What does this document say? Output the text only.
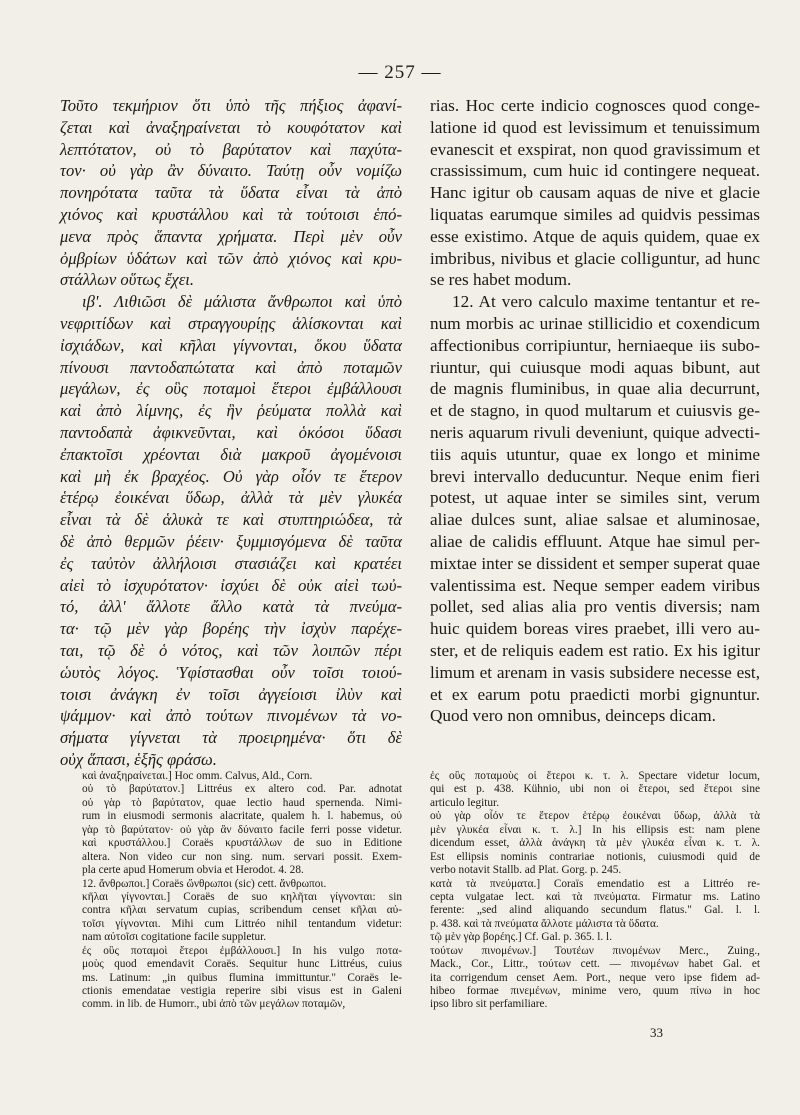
— 257 —
Τοῦτο τεκμήριον ὅτι ὑπὸ τῆς πήξιος ἀφανί-
ζεται καὶ ἀναξηραίνεται τὸ κουφότατον καὶ
λεπτότατον, οὐ τὸ βαρύτατον καὶ παχύτα-
τον· οὐ γὰρ ἂν δύναιτο. Ταύτῃ οὖν νομίζω
πονηρότατα ταῦτα τὰ ὕδατα εἶναι τὰ ἀπὸ
χιόνος καὶ κρυστάλλου καὶ τὰ τούτοισι ἑπό-
μενα πρὸς ἅπαντα χρήματα. Περὶ μὲν οὖν
ὀμβρίων ὑδάτων καὶ τῶν ἀπὸ χιόνος καὶ κρυ-
στάλλων οὕτως ἔχει.
ιβ'. Λιθιῶσι δὲ μάλιστα ἄνθρωποι καὶ ὑπὸ
νεφριτίδων καὶ στραγγουρίῃς ἁλίσκονται καὶ
ἰσχιάδων, καὶ κῆλαι γίγνονται, ὅκου ὕδατα
πίνουσι παντοδαπώτατα καὶ ἀπὸ ποταμῶν
μεγάλων, ἐς οὓς ποταμοὶ ἕτεροι ἐμβάλλουσι
καὶ ἀπὸ λίμνης, ἐς ἣν ῥεύματα πολλὰ καὶ
παντοδαπὰ ἀφικνεῦνται, καὶ ὁκόσοι ὕδασι
ἐπακτοῖσι χρέονται διὰ μακροῦ ἀγομένοισι
καὶ μὴ ἐκ βραχέος. Οὐ γὰρ οἷόν τε ἕτερον
ἑτέρῳ ἐοικέναι ὕδωρ, ἀλλὰ τὰ μὲν γλυκέα
εἶναι τὰ δὲ ἁλυκὰ τε καὶ στυπτηριώδεα, τὰ
δὲ ἀπὸ θερμῶν ῥέειν· ξυμμισγόμενα δὲ ταῦτα
ἐς ταὐτὸν ἀλλήλοισι στασιάζει καὶ κρατέει
αἰεὶ τὸ ἰσχυρότατον· ἰσχύει δὲ οὐκ αἰεὶ τωὐ-
τό, ἀλλ' ἄλλοτε ἄλλο κατὰ τὰ πνεύμα-
τα· τῷ μὲν γὰρ βορέης τὴν ἰσχὺν παρέχε-
ται, τῷ δὲ ὁ νότος, καὶ τῶν λοιπῶν πέρι
ὡυτὸς λόγος. Ὑφίστασθαι οὖν τοῖσι τοιού-
τοισι ἀνάγκη ἐν τοῖσι ἀγγείοισι ἰλὺν καὶ
ψάμμον· καὶ ἀπὸ τούτων πινομένων τὰ νο-
σήματα γίγνεται τὰ προειρημένα· ὅτι δὲ
οὐχ ἅπασι, ἑξῆς φράσω.
rias. Hoc certe indicio cognosces quod conge-
latione id quod est levissimum et tenuissimum
evanescit et exspirat, non quod gravissimum et
crassissimum, cum huic id contingere nequeat.
Hanc igitur ob causam aquas de nive et glacie
liquatas earumque similes ad quidvis pessimas
esse existimo. Atque de aquis quidem, quae ex
imbribus, nivibus et glacie colliguntur, ad hunc
se res habet modum.
12. At vero calculo maxime tentantur et re-
num morbis ac urinae stillicidio et coxendicum
affectionibus corripiuntur, herniaeque iis subo-
riuntur, qui cuiusque modi aquas bibunt, aut
de magnis fluminibus, in quae alia decurrunt,
et de stagno, in quod multarum et cuiusvis ge-
neris aquarum rivuli deveniunt, quique advecti-
tiis aquis utuntur, quae ex longo et minime
brevi intervallo deducuntur. Neque enim fieri
potest, ut aquae inter se similes sint, verum
aliae dulces sunt, aliae salsae et aluminosae,
aliae de calidis effluunt. Atque hae simul per-
mixtae inter se dissident et semper superat quae
valentissima est. Neque semper eadem viribus
pollet, sed alias alia pro ventis diversis; nam
huic quidem boreas vires praebet, illi vero au-
ster, et de reliquis eadem est ratio. Ex his igitur
limum et arenam in vasis subsidere necesse est,
et ex earum potu praedicti morbi gignuntur.
Quod vero non omnibus, deinceps dicam.
καὶ ἀναξηραίνεται.] Hoc omm. Calvus, Ald., Corn.
οὐ τὸ βαρύτατον.] Littréus ex altero cod. Par. adnotat
οὐ γὰρ τὸ βαρύτατον, quae lectio haud spernenda. Nimi-
rum in eiusmodi sermonis alacritate, qualem h. l. habemus, οὐ
γὰρ τὸ βαρύτατον· οὐ γὰρ ἂν δύναιτο facile ferri posse videtur.
καὶ κρυστάλλου.] Coraës κρυστάλλων de suo in Editione
altera. Non video cur non sing. num. servari possit. Exem-
pla certe apud Homerum obvia et Herodot. 4. 28.
12. ἄνθρωποι.] Coraës ὤνθρωποι (sic) cett. ἄνθρωποι.
κῆλαι γίγνονται.] Coraës de suo κηλῆται γίγνονται: sin
contra κῆλαι servatum cupias, scribendum censet κῆλαι αὐ-
τοῖσι γίγνονται. Mihi cum Littréo nihil tentandum videtur:
nam αὐτοῖσι cogitatione facile suppletur.
ἐς οὓς ποταμοὶ ἕτεροι ἐμβάλλουσι.] In his vulgo ποτα-
μοὺς quod emendavit Coraës. Sequitur hunc Littréus, cuius
ms. Latinum: „in quibus flumina immittuntur." Coraës le-
ctionis emendatae vestigia reperire sibi visus est in Galeni
comm. in lib. de Humorr., ubi ἀπὸ τῶν μεγάλων ποταμῶν,
ἐς οὓς ποταμοὺς οἱ ἕτεροι κ. τ. λ. Spectare videtur locum,
qui est p. 438. Kühnio, ubi non οἱ ἕτεροι, sed ἕτεροι sine
articulo legitur.
οὐ γὰρ οἷόν τε ἕτερον ἑτέρῳ ἐοικέναι ὕδωρ, ἀλλὰ τὰ
μὲν γλυκέα εἶναι κ. τ. λ.] In his ellipsis est: nam plene
dicendum esset, ἀλλὰ ἀνάγκη τὰ μὲν γλυκέα εἶναι κ. τ. λ.
Est ellipsis nominis contrariae notionis, cuiusmodi quid de
verbo notavit Stallb. ad Plat. Gorg. p. 245.
κατὰ τὰ πνεύματα.] Coraïs emendatio est a Littréo re-
cepta vulgatae lect. καὶ τὰ πνεύματα. Firmatur ms. Latino
ferente: „sed alind aliquando secundum flatus." Gal. l. l.
p. 438. καὶ τὰ πνεύματα ἄλλοτε μάλιστα τὰ ὕδατα.
τῷ μὲν γὰρ βορέης.] Cf. Gal. p. 365. l. l.
τούτων πινομένων.] Τουτέων πινομένων Merc., Zuing.,
Mack., Cor., Littr., τούτων cett. — πινομένων habet Gal. et
ita corrigendum censet Aem. Port., neque vero ipse fidem ad-
hibeo formae πινεμένων, minime vero, quum πίνω in hoc
ipso libro sit perfamiliare.
33
